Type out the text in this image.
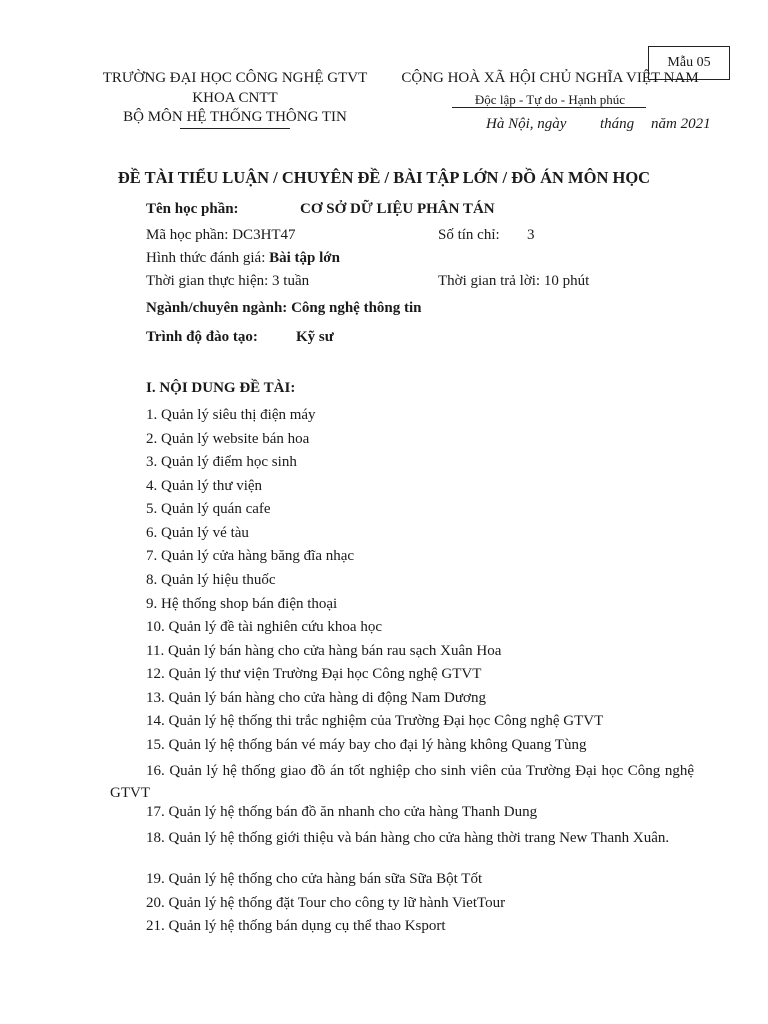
Mẫu 05
TRƯỜNG ĐẠI HỌC CÔNG NGHỆ GTVT
KHOA CNTT
BỘ MÔN HỆ THỐNG THÔNG TIN
CỘNG HOÀ XÃ HỘI CHỦ NGHĨA VIỆT NAM
Độc lập - Tự do - Hạnh phúc
Hà Nội, ngày tháng năm 2021
ĐỀ TÀI TIỂU LUẬN / CHUYÊN ĐỀ / BÀI TẬP LỚN / ĐỒ ÁN MÔN HỌC
Tên học phần:	CƠ SỞ DỮ LIỆU PHÂN TÁN
Mã học phần: DC3HT47	Số tín chỉ: 3
Hình thức đánh giá: Bài tập lớn
Thời gian thực hiện: 3 tuần	Thời gian trả lời: 10 phút
Ngành/chuyên ngành: Công nghệ thông tin
Trình độ đào tạo:	Kỹ sư
I. NỘI DUNG ĐỀ TÀI:
1. Quản lý siêu thị điện máy
2. Quản lý website bán hoa
3. Quản lý điểm học sinh
4. Quản lý thư viện
5. Quản lý quán cafe
6. Quản lý vé tàu
7. Quản lý cửa hàng băng đĩa nhạc
8. Quản lý hiệu thuốc
9. Hệ thống shop bán điện thoại
10. Quản lý đề tài nghiên cứu khoa học
11. Quản lý bán hàng cho cửa hàng bán rau sạch Xuân Hoa
12. Quản lý thư viện Trường Đại học Công nghệ GTVT
13. Quản lý bán hàng cho cửa hàng di động Nam Dương
14. Quản lý hệ thống thi trắc nghiệm của Trường Đại học Công nghệ GTVT
15. Quản lý hệ thống bán vé máy bay cho đại lý hàng không Quang Tùng
16. Quản lý hệ thống giao đồ án tốt nghiệp cho sinh viên của Trường Đại học Công nghệ GTVT
17. Quản lý hệ thống bán đồ ăn nhanh cho cửa hàng Thanh Dung
18. Quản lý hệ thống giới thiệu và bán hàng cho cửa hàng thời trang New Thanh Xuân.
19. Quản lý hệ thống cho cửa hàng bán sữa Sữa Bột Tốt
20. Quản lý hệ thống đặt Tour cho công ty lữ hành VietTour
21. Quản lý hệ thống bán dụng cụ thể thao Ksport
